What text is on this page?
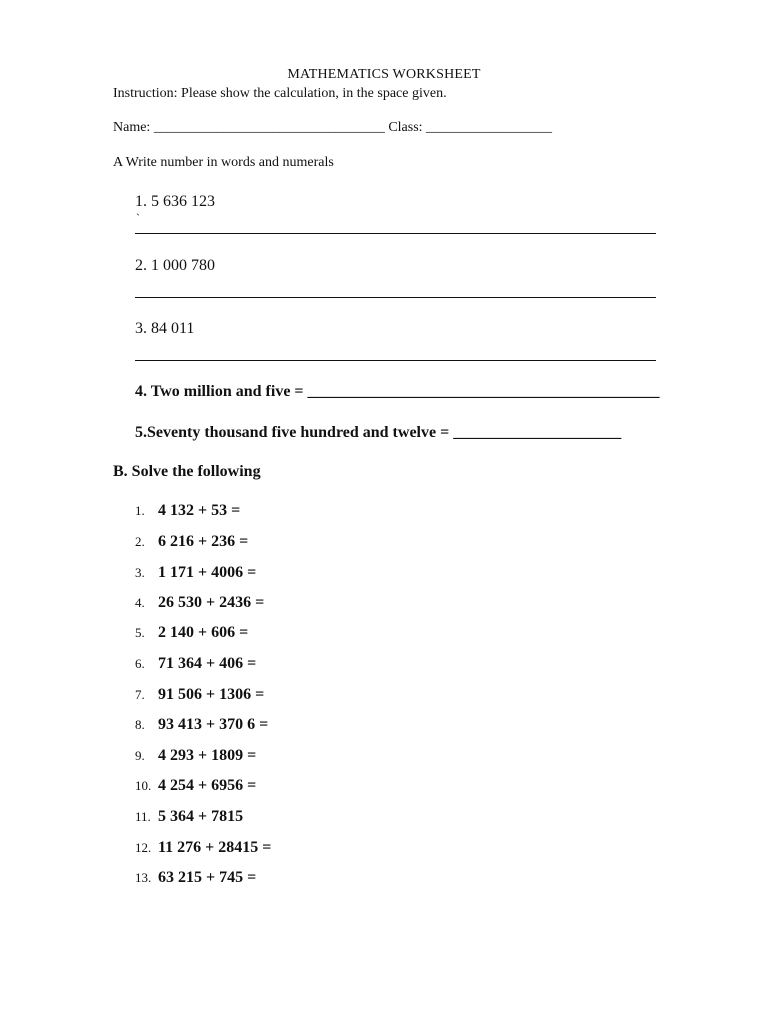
MATHEMATICS WORKSHEET
Instruction: Please show the calculation, in the space given.
Name: _________________________________ Class: __________________
A Write number in words and numerals
1. 5 636 123
`
2. 1 000 780
3. 84 011
4. Two million and five = ____________________________________________
5.Seventy thousand five hundred and twelve = _____________________
B. Solve the following
1. 4 132 + 53 =
2. 6 216 + 236 =
3. 1 171 + 4006 =
4. 26 530 + 2436 =
5. 2 140 + 606 =
6. 71 364 + 406 =
7. 91 506 + 1306 =
8. 93 413 + 370 6 =
9. 4 293 + 1809 =
10. 4 254 + 6956 =
11. 5 364 + 7815
12. 11 276 + 28415 =
13. 63 215 + 745 =
